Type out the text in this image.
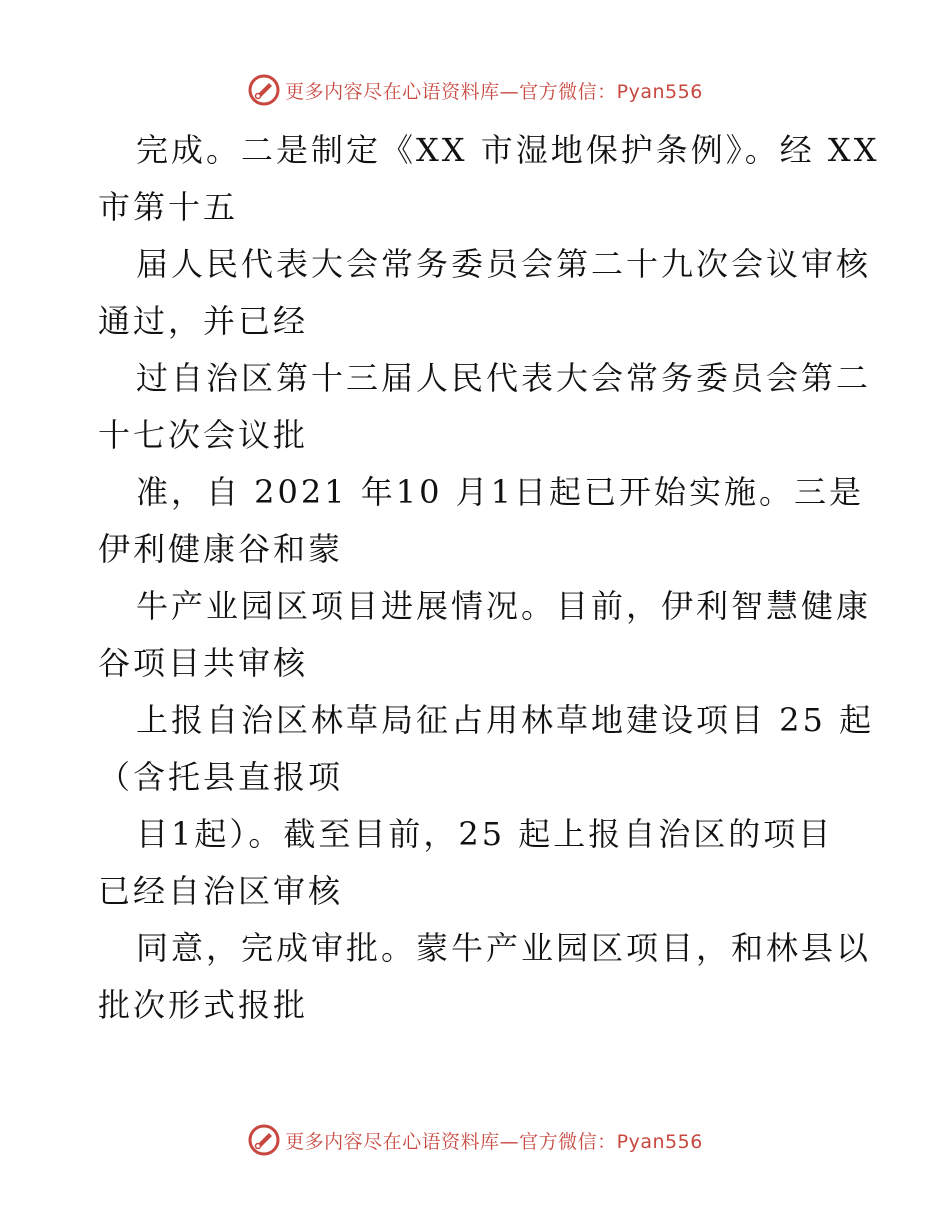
更多内容尽在心语资料库—官方微信：Pyan556
完成。二是制定《XX 市湿地保护条例》。经 XX
市第十五
届人民代表大会常务委员会第二十九次会议审核
通过，并已经
过自治区第十三届人民代表大会常务委员会第二
十七次会议批
准，自 2021 年10 月1日起已开始实施。三是
伊利健康谷和蒙
牛产业园区项目进展情况。目前，伊利智慧健康
谷项目共审核
上报自治区林草局征占用林草地建设项目 25 起
（含托县直报项
目1起）。截至目前，25 起上报自治区的项目
已经自治区审核
同意，完成审批。蒙牛产业园区项目，和林县以
批次形式报批
更多内容尽在心语资料库—官方微信：Pyan556
